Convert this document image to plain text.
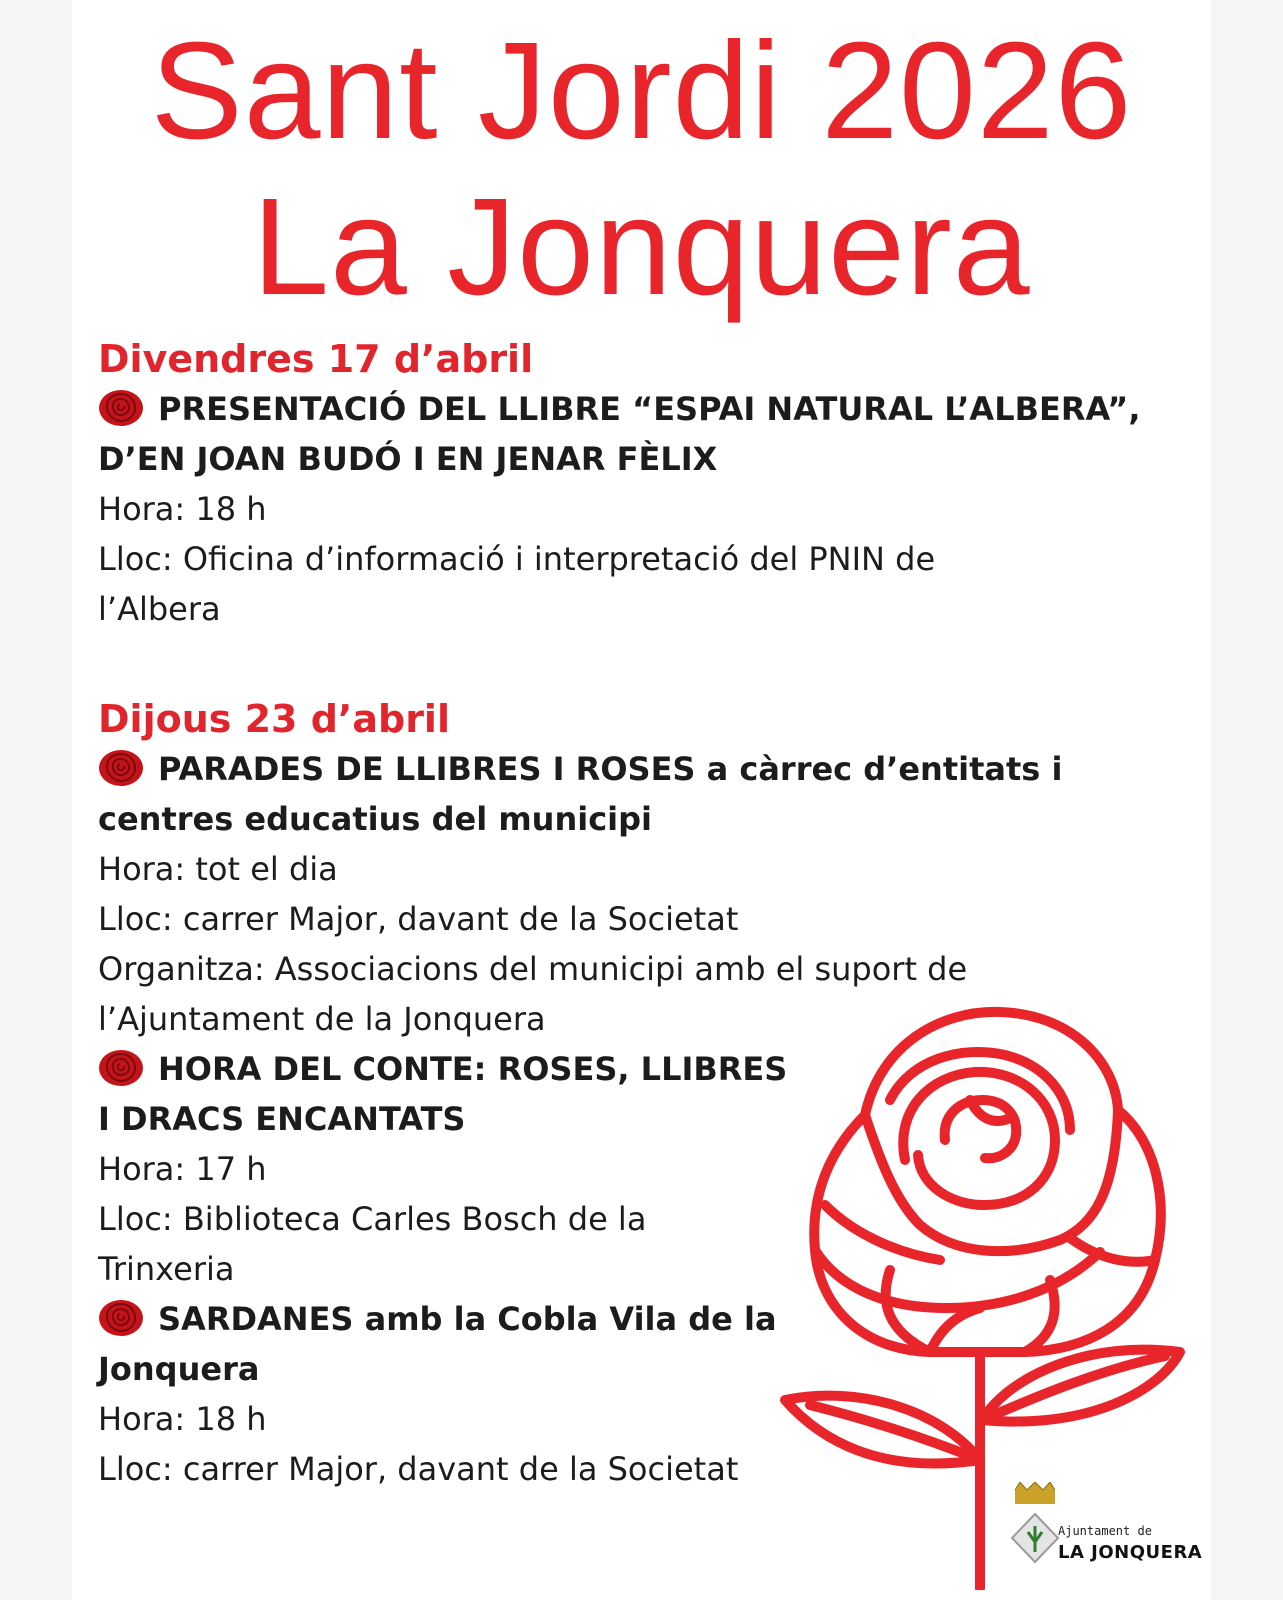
Sant Jordi 2026
La Jonquera

Divendres 17 d’abril

PRESENTACIÓ DEL LLIBRE “ESPAI NATURAL L’ALBERA”,

D’EN JOAN BUDÓ I EN JENAR FÈLIX

Hora: 18 h

Lloc: Oficina d’informació i interpretació del PNIN de

l’Albera

Dijous 23 d’abril

PARADES DE LLIBRES I ROSES a càrrec d’entitats i

centres educatius del municipi

Hora: tot el dia

Lloc: carrer Major, davant de la Societat

Organitza: Associacions del municipi amb el suport de

l’Ajuntament de la Jonquera

HORA DEL CONTE: ROSES, LLIBRES

I DRACS ENCANTATS

Hora: 17 h

Lloc: Biblioteca Carles Bosch de la

Trinxeria

SARDANES amb la Cobla Vila de la

Jonquera

Hora: 18 h

Lloc: carrer Major, davant de la Societat

Ajuntament de
LA JONQUERA
